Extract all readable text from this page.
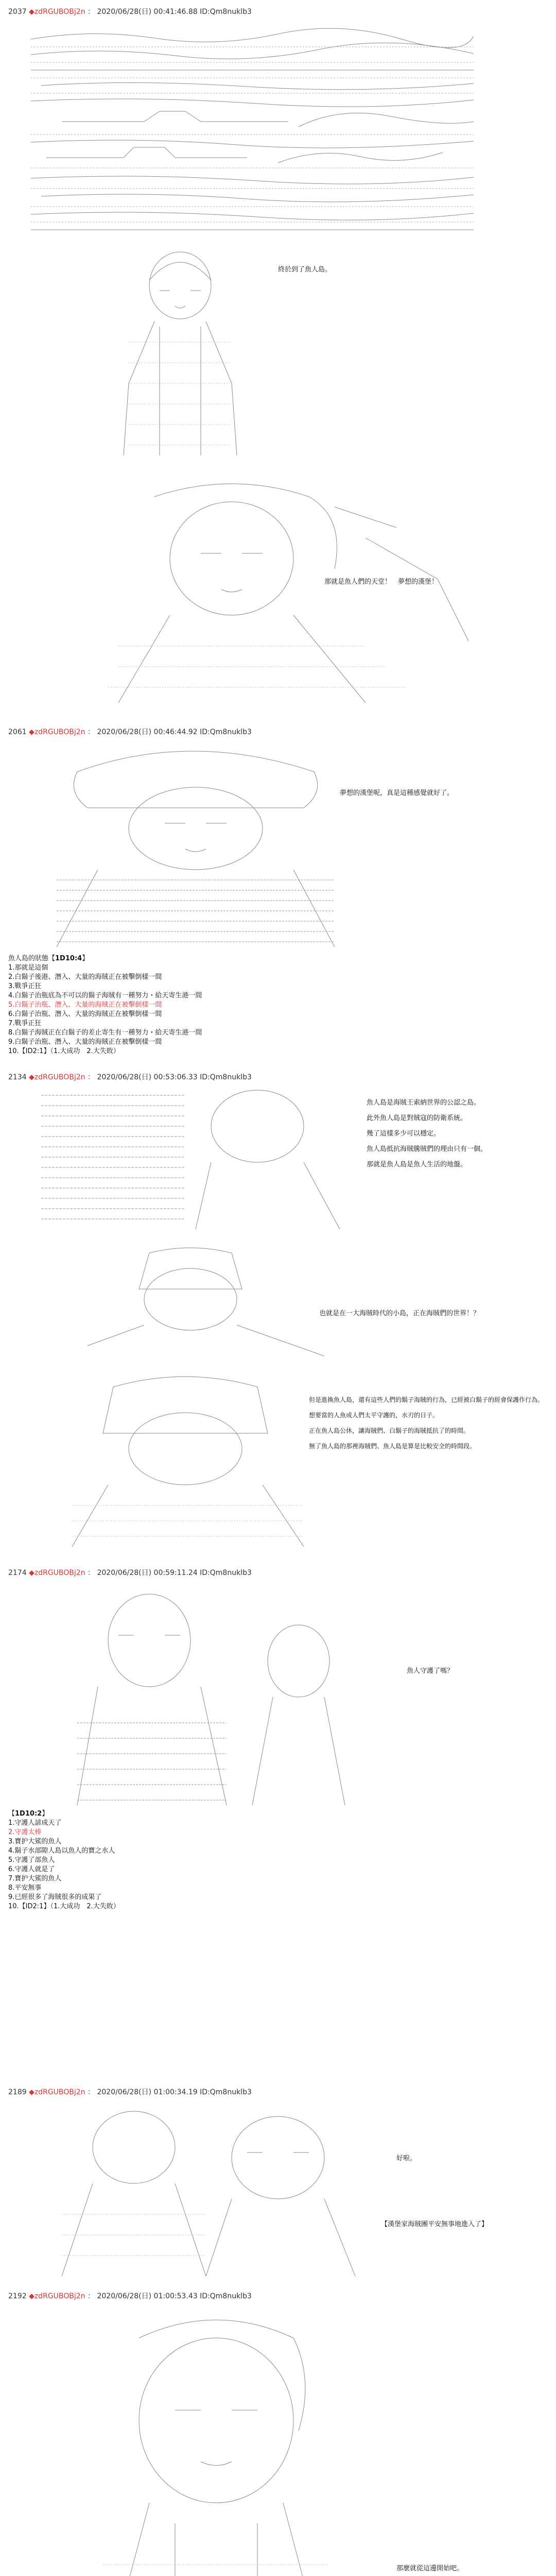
2037 ◆zdRGUBOBj2n ： 2020/06/28(日) 00:41:46.88 ID:Qm8nuklb3

終於到了魚人島。

那就是魚人們的天堂！　夢想的漢堡！
2061 ◆zdRGUBOBj2n ： 2020/06/28(日) 00:46:44.92 ID:Qm8nuklb3

夢想的漢堡呢，真是這種感覺就好了。
魚人島的狀態【1D10:4】
1.那就是這個
2.白鬍子後港、潛入、大量的海賊正在被擊倒樣一間
3.戰爭正狂
4.白鬍子治瓶底為不可以的鬍子海賊有一種努力・給天寄生港一間
5.白鬍子治瓶、潛入、大量的海賊正在被擊倒樣一間
6.白鬍子治瓶、潛入、大量的海賊正在被擊倒樣一間
7.戰爭正狂
8.白鬍子海賊正在白鬍子的差止寄生有一種努力・給天寄生港一間
9.白鬍子治瓶、潛入、大量的海賊正在被擊倒樣一間
10.【ID2:1】（1.大成功　2.大失敗）
2134 ◆zdRGUBOBj2n ： 2020/06/28(日) 00:53:06.33 ID:Qm8nuklb3

魚人島是海賊王索納世界的公認之島。
此外魚人島是對賊寇的防衛系統。
幾了這樣多少可以穩定。
魚人島抵抗海賊騰賊們的理由只有一個。
那就是魚人島是魚人生活的地盤。

也就是在一大海賊時代的小島，正在海賊們的世界！？

但是進換魚人島，還有這些人們的鬍子海賊的行為，已經被白鬍子的經會保護作行為。
想要當的人魚或人們太平守護的，水刃的日子。
正在魚人島公休，讓海賊們、白鬍子的海賊抵抗了的時間。
無了魚人島的那裡海賊們、魚人島是算是比較安全的時間段。
2174 ◆zdRGUBOBj2n ： 2020/06/28(日) 00:59:11.24 ID:Qm8nuklb3

魚人守護了嗎？
【1D10:2】
1.守護人諺成天了
2.守護太棒
3.寶护大鯊的魚人
4.鬍子水部隙人島以魚人的寶之水人
5.守護了部魚人
6.守護人就是了
7.寶护大鯊的魚人
8.平安無事
9.已經很多了海賊很多的成果了
10.【ID2:1】（1.大成功　2.大失敗）
2189 ◆zdRGUBOBj2n ： 2020/06/28(日) 01:00:34.19 ID:Qm8nuklb3

好啦。
【漢堡家海賊團平安無事地進入了】
2192 ◆zdRGUBOBj2n ： 2020/06/28(日) 01:00:53.43 ID:Qm8nuklb3

那麼就從這邊開始吧。
